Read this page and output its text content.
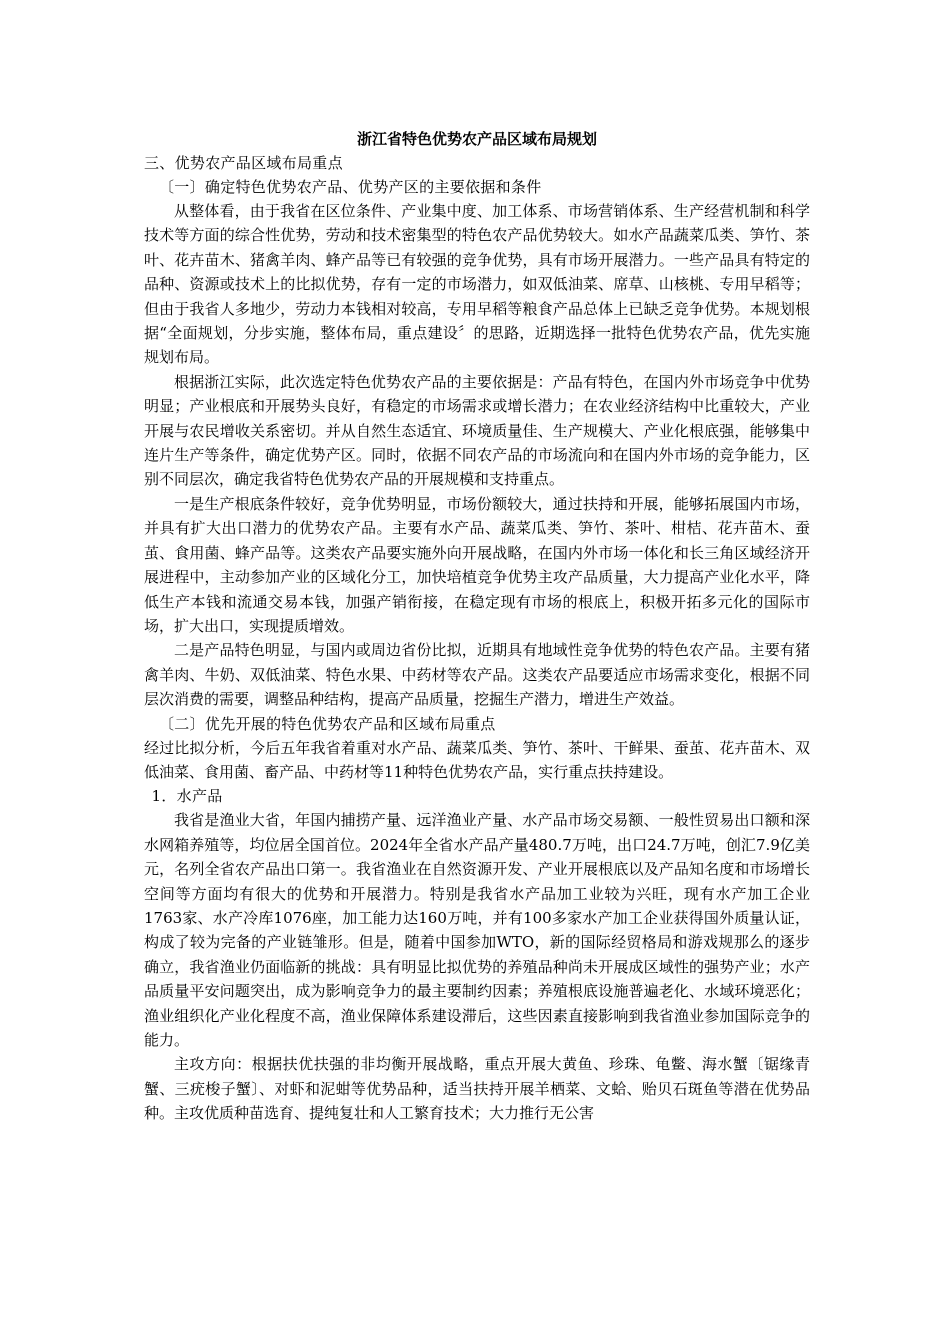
浙江省特色优势农产品区域布局规划

三、优势农产品区域布局重点

〔一〕确定特色优势农产品、优势产区的主要依据和条件

从整体看，由于我省在区位条件、产业集中度、加工体系、市场营销体系、生产经营机制和科学技术等方面的综合性优势，劳动和技术密集型的特色农产品优势较大。如水产品蔬菜瓜类、笋竹、茶叶、花卉苗木、猪禽羊肉、蜂产品等已有较强的竞争优势，具有市场开展潜力。一些产品具有特定的品种、资源或技术上的比拟优势，存有一定的市场潜力，如双低油菜、席草、山核桃、专用早稻等；但由于我省人多地少，劳动力本钱相对较高，专用早稻等粮食产品总体上已缺乏竞争优势。本规划根据“全面规划，分步实施，整体布局，重点建设〞的思路，近期选择一批特色优势农产品，优先实施规划布局。

根据浙江实际，此次选定特色优势农产品的主要依据是：产品有特色，在国内外市场竞争中优势明显；产业根底和开展势头良好，有稳定的市场需求或增长潜力；在农业经济结构中比重较大，产业开展与农民增收关系密切。并从自然生态适宜、环境质量佳、生产规模大、产业化根底强，能够集中连片生产等条件，确定优势产区。同时，依据不同农产品的市场流向和在国内外市场的竞争能力，区别不同层次，确定我省特色优势农产品的开展规模和支持重点。

一是生产根底条件较好，竞争优势明显，市场份额较大，通过扶持和开展，能够拓展国内市场，并具有扩大出口潜力的优势农产品。主要有水产品、蔬菜瓜类、笋竹、茶叶、柑桔、花卉苗木、蚕茧、食用菌、蜂产品等。这类农产品要实施外向开展战略，在国内外市场一体化和长三角区域经济开展进程中，主动参加产业的区域化分工，加快培植竞争优势主攻产品质量，大力提高产业化水平，降低生产本钱和流通交易本钱，加强产销衔接，在稳定现有市场的根底上，积极开拓多元化的国际市场，扩大出口，实现提质增效。

二是产品特色明显，与国内或周边省份比拟，近期具有地域性竞争优势的特色农产品。主要有猪禽羊肉、牛奶、双低油菜、特色水果、中药材等农产品。这类农产品要适应市场需求变化，根据不同层次消费的需要，调整品种结构，提高产品质量，挖掘生产潜力，增进生产效益。

〔二〕优先开展的特色优势农产品和区域布局重点

经过比拟分析，今后五年我省着重对水产品、蔬菜瓜类、笋竹、茶叶、干鲜果、蚕茧、花卉苗木、双低油菜、食用菌、畜产品、中药材等11种特色优势农产品，实行重点扶持建设。

1．水产品

我省是渔业大省，年国内捕捞产量、远洋渔业产量、水产品市场交易额、一般性贸易出口额和深水网箱养殖等，均位居全国首位。2024年全省水产品产量480.7万吨，出口24.7万吨，创汇7.9亿美元，名列全省农产品出口第一。我省渔业在自然资源开发、产业开展根底以及产品知名度和市场增长空间等方面均有很大的优势和开展潜力。特别是我省水产品加工业较为兴旺，现有水产加工企业1763家、水产冷库1076座，加工能力达160万吨，并有100多家水产加工企业获得国外质量认证，构成了较为完备的产业链雏形。但是，随着中国参加WTO，新的国际经贸格局和游戏规那么的逐步确立，我省渔业仍面临新的挑战：具有明显比拟优势的养殖品种尚未开展成区域性的强势产业；水产品质量平安问题突出，成为影响竞争力的最主要制约因素；养殖根底设施普遍老化、水域环境恶化；渔业组织化产业化程度不高，渔业保障体系建设滞后，这些因素直接影响到我省渔业参加国际竞争的能力。

主攻方向：根据扶优扶强的非均衡开展战略，重点开展大黄鱼、珍珠、龟鳖、海水蟹〔锯缘青蟹、三疣梭子蟹〕、对虾和泥蚶等优势品种，适当扶持开展羊栖菜、文蛤、贻贝石斑鱼等潜在优势品种。主攻优质种苗选育、提纯复壮和人工繁育技术；大力推行无公害
